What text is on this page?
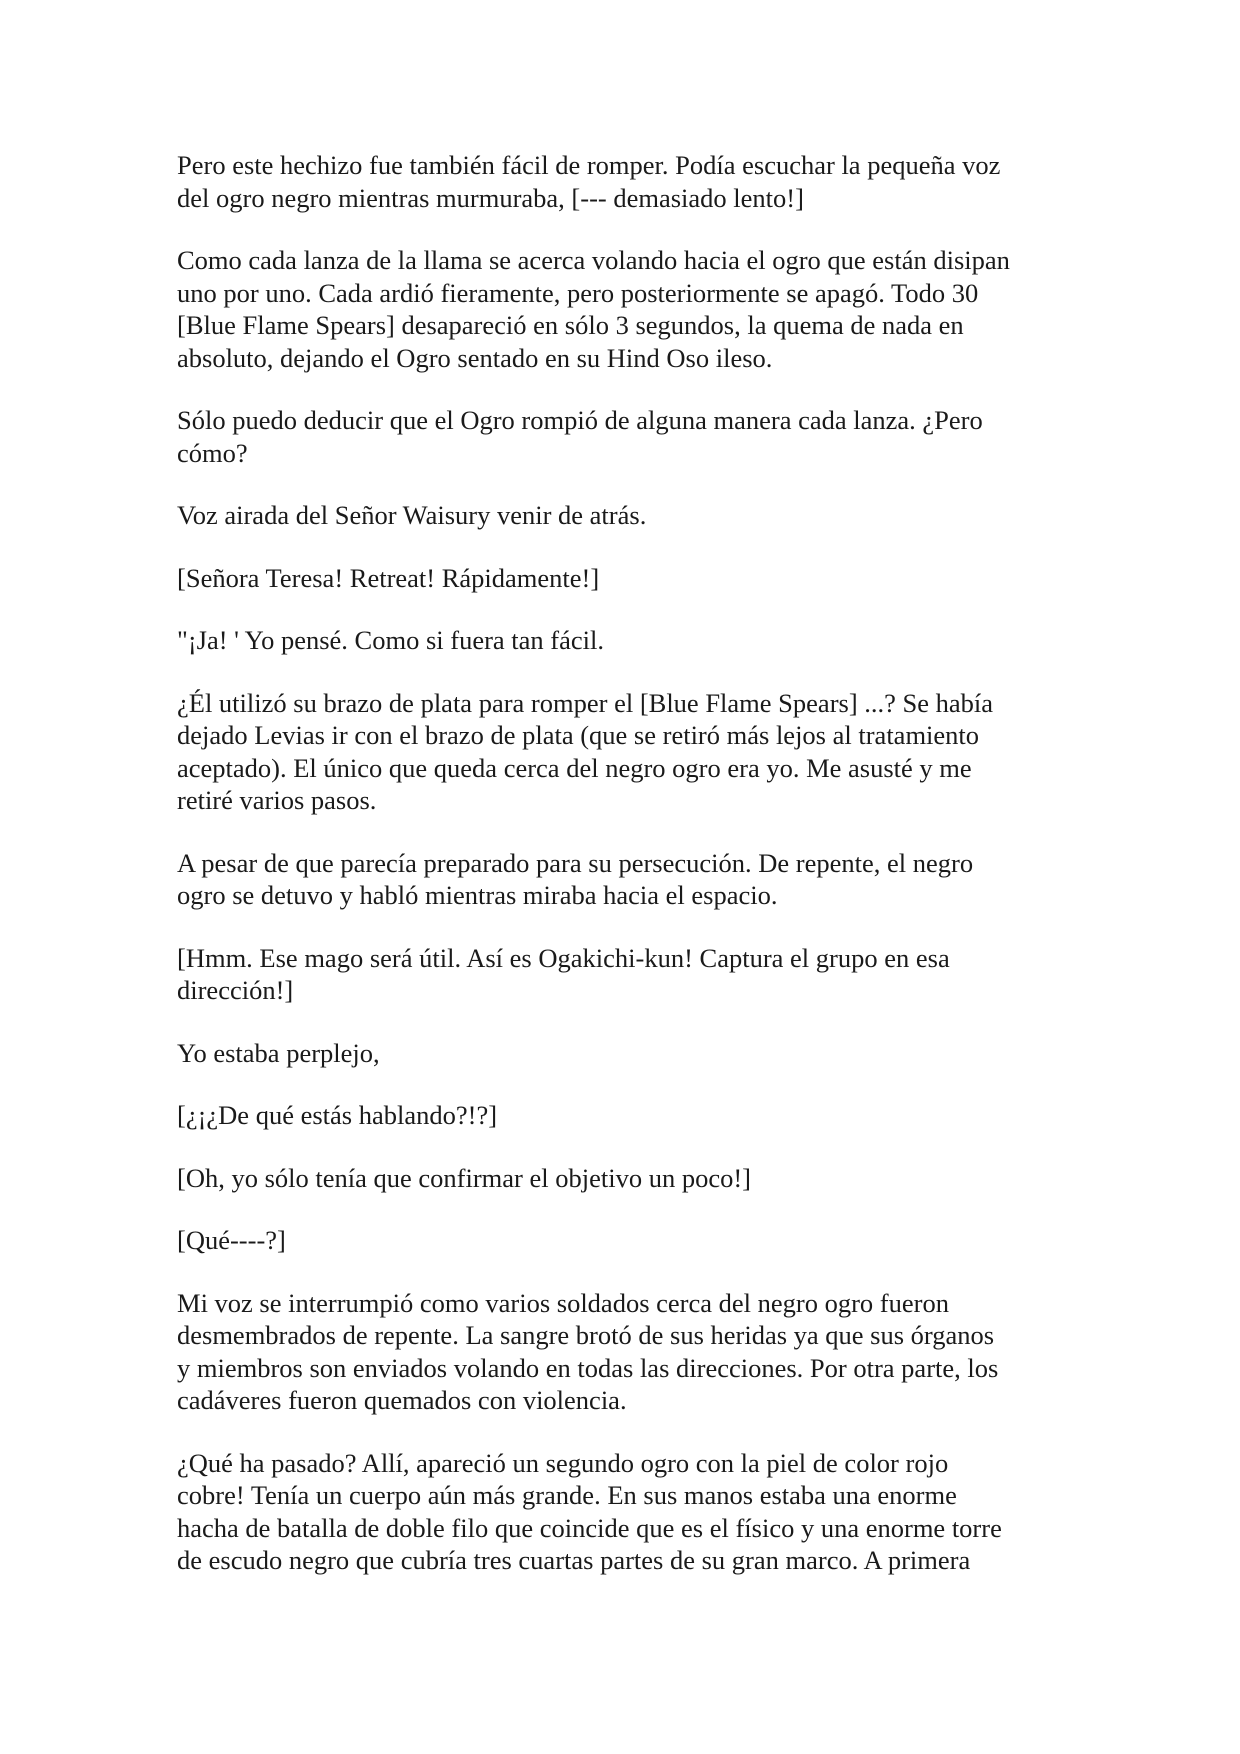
Pero este hechizo fue también fácil de romper. Podía escuchar la pequeña voz
del ogro negro mientras murmuraba, [--- demasiado lento!]

Como cada lanza de la llama se acerca volando hacia el ogro que están disipan
uno por uno. Cada ardió fieramente, pero posteriormente se apagó. Todo 30
[Blue Flame Spears] desapareció en sólo 3 segundos, la quema de nada en
absoluto, dejando el Ogro sentado en su Hind Oso ileso.

Sólo puedo deducir que el Ogro rompió de alguna manera cada lanza. ¿Pero
cómo?

Voz airada del Señor Waisury venir de atrás.

[Señora Teresa! Retreat! Rápidamente!]

"¡Ja! ' Yo pensé. Como si fuera tan fácil.

¿Él utilizó su brazo de plata para romper el [Blue Flame Spears] ...? Se había
dejado Levias ir con el brazo de plata (que se retiró más lejos al tratamiento
aceptado). El único que queda cerca del negro ogro era yo. Me asusté y me
retiré varios pasos.

A pesar de que parecía preparado para su persecución. De repente, el negro
ogro se detuvo y habló mientras miraba hacia el espacio.

[Hmm. Ese mago será útil. Así es Ogakichi-kun! Captura el grupo en esa
dirección!]

Yo estaba perplejo,

[¿¡¿De qué estás hablando?!?]

[Oh, yo sólo tenía que confirmar el objetivo un poco!]

[Qué----?]

Mi voz se interrumpió como varios soldados cerca del negro ogro fueron
desmembrados de repente. La sangre brotó de sus heridas ya que sus órganos
y miembros son enviados volando en todas las direcciones. Por otra parte, los
cadáveres fueron quemados con violencia.

¿Qué ha pasado? Allí, apareció un segundo ogro con la piel de color rojo
cobre! Tenía un cuerpo aún más grande. En sus manos estaba una enorme
hacha de batalla de doble filo que coincide que es el físico y una enorme torre
de escudo negro que cubría tres cuartas partes de su gran marco. A primera
